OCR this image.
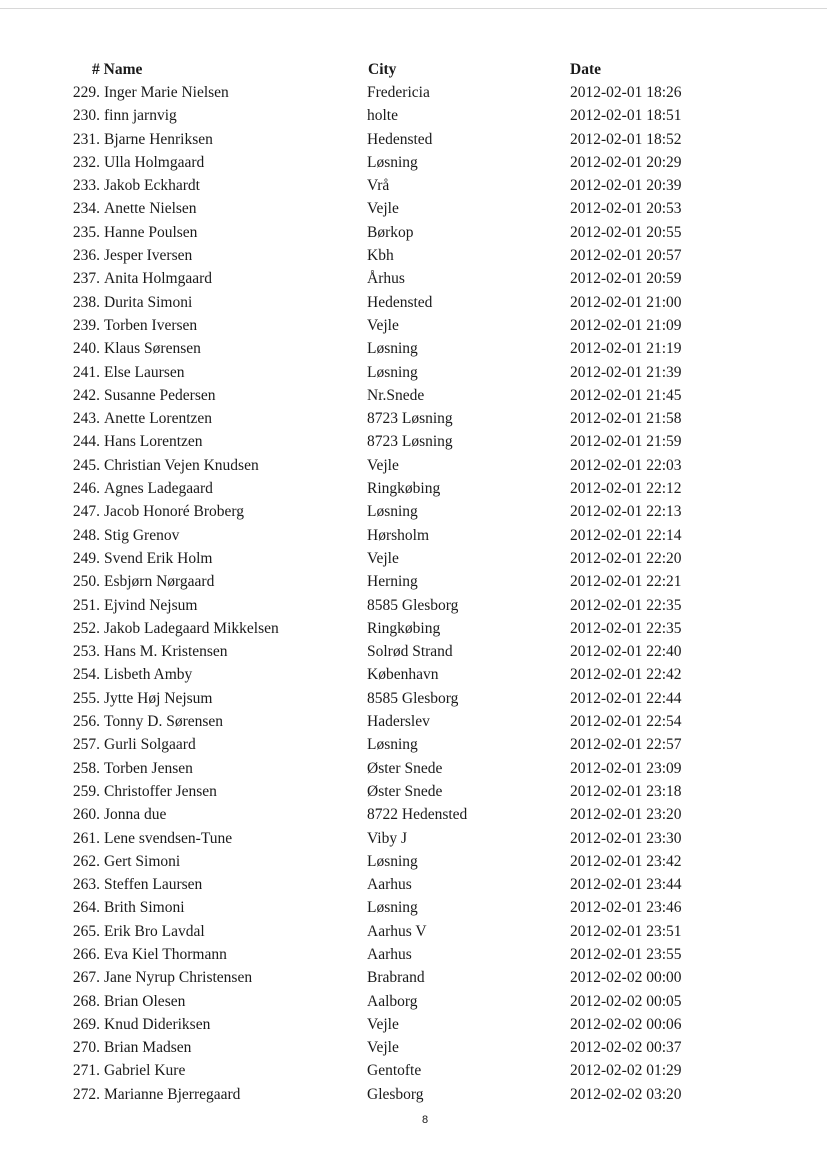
# Name	City	Date
229. Inger Marie Nielsen	Fredericia	2012-02-01 18:26
230. finn jarnvig	holte	2012-02-01 18:51
231. Bjarne Henriksen	Hedensted	2012-02-01 18:52
232. Ulla Holmgaard	Løsning	2012-02-01 20:29
233. Jakob Eckhardt	Vrå	2012-02-01 20:39
234. Anette Nielsen	Vejle	2012-02-01 20:53
235. Hanne Poulsen	Børkop	2012-02-01 20:55
236. Jesper Iversen	Kbh	2012-02-01 20:57
237. Anita Holmgaard	Århus	2012-02-01 20:59
238. Durita Simoni	Hedensted	2012-02-01 21:00
239. Torben Iversen	Vejle	2012-02-01 21:09
240. Klaus Sørensen	Løsning	2012-02-01 21:19
241. Else Laursen	Løsning	2012-02-01 21:39
242. Susanne Pedersen	Nr.Snede	2012-02-01 21:45
243. Anette Lorentzen	8723 Løsning	2012-02-01 21:58
244. Hans Lorentzen	8723 Løsning	2012-02-01 21:59
245. Christian Vejen Knudsen	Vejle	2012-02-01 22:03
246. Agnes Ladegaard	Ringkøbing	2012-02-01 22:12
247. Jacob Honoré Broberg	Løsning	2012-02-01 22:13
248. Stig Grenov	Hørsholm	2012-02-01 22:14
249. Svend Erik Holm	Vejle	2012-02-01 22:20
250. Esbjørn Nørgaard	Herning	2012-02-01 22:21
251. Ejvind Nejsum	8585 Glesborg	2012-02-01 22:35
252. Jakob Ladegaard Mikkelsen	Ringkøbing	2012-02-01 22:35
253. Hans M. Kristensen	Solrød Strand	2012-02-01 22:40
254. Lisbeth Amby	København	2012-02-01 22:42
255. Jytte Høj Nejsum	8585 Glesborg	2012-02-01 22:44
256. Tonny D. Sørensen	Haderslev	2012-02-01 22:54
257. Gurli Solgaard	Løsning	2012-02-01 22:57
258. Torben Jensen	Øster Snede	2012-02-01 23:09
259. Christoffer Jensen	Øster Snede	2012-02-01 23:18
260. Jonna due	8722 Hedensted	2012-02-01 23:20
261. Lene svendsen-Tune	Viby J	2012-02-01 23:30
262. Gert Simoni	Løsning	2012-02-01 23:42
263. Steffen Laursen	Aarhus	2012-02-01 23:44
264. Brith Simoni	Løsning	2012-02-01 23:46
265. Erik Bro Lavdal	Aarhus V	2012-02-01 23:51
266. Eva Kiel Thormann	Aarhus	2012-02-01 23:55
267. Jane Nyrup Christensen	Brabrand	2012-02-02 00:00
268. Brian Olesen	Aalborg	2012-02-02 00:05
269. Knud Dideriksen	Vejle	2012-02-02 00:06
270. Brian Madsen	Vejle	2012-02-02 00:37
271. Gabriel Kure	Gentofte	2012-02-02 01:29
272. Marianne Bjerregaard	Glesborg	2012-02-02 03:20
8
